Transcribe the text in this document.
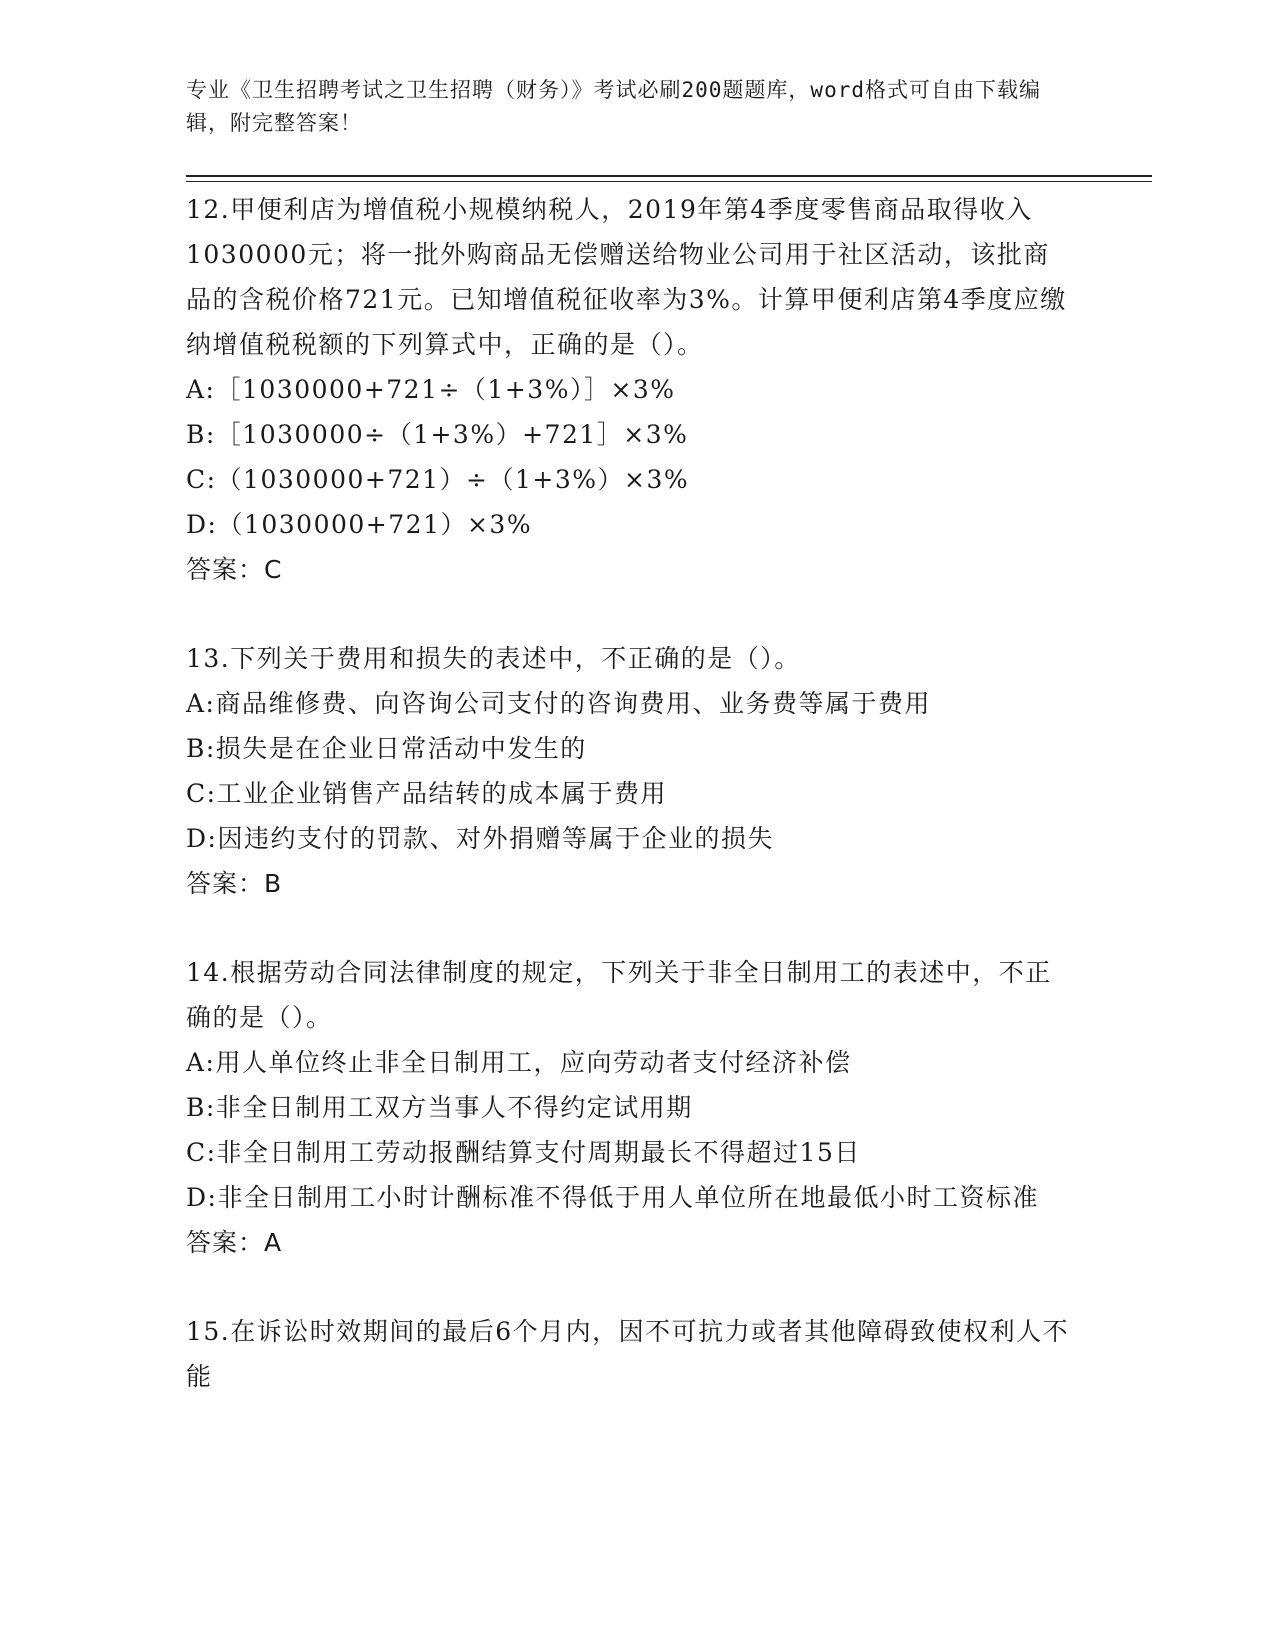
专业《卫生招聘考试之卫生招聘（财务）》考试必刷200题题库，word格式可自由下载编辑，附完整答案！
12.甲便利店为增值税小规模纳税人，2019年第4季度零售商品取得收入1030000元；将一批外购商品无偿赠送给物业公司用于社区活动，该批商品的含税价格721元。已知增值税征收率为3%。计算甲便利店第4季度应缴纳增值税税额的下列算式中，正确的是（）。
A:［1030000+721÷（1+3%）］×3%
B:［1030000÷（1+3%）+721］×3%
C:（1030000+721）÷（1+3%）×3%
D:（1030000+721）×3%
答案：C
13.下列关于费用和损失的表述中，不正确的是（）。
A:商品维修费、向咨询公司支付的咨询费用、业务费等属于费用
B:损失是在企业日常活动中发生的
C:工业企业销售产品结转的成本属于费用
D:因违约支付的罚款、对外捐赠等属于企业的损失
答案：B
14.根据劳动合同法律制度的规定，下列关于非全日制用工的表述中，不正确的是（）。
A:用人单位终止非全日制用工，应向劳动者支付经济补偿
B:非全日制用工双方当事人不得约定试用期
C:非全日制用工劳动报酬结算支付周期最长不得超过15日
D:非全日制用工小时计酬标准不得低于用人单位所在地最低小时工资标准
答案：A
15.在诉讼时效期间的最后6个月内，因不可抗力或者其他障碍致使权利人不能
